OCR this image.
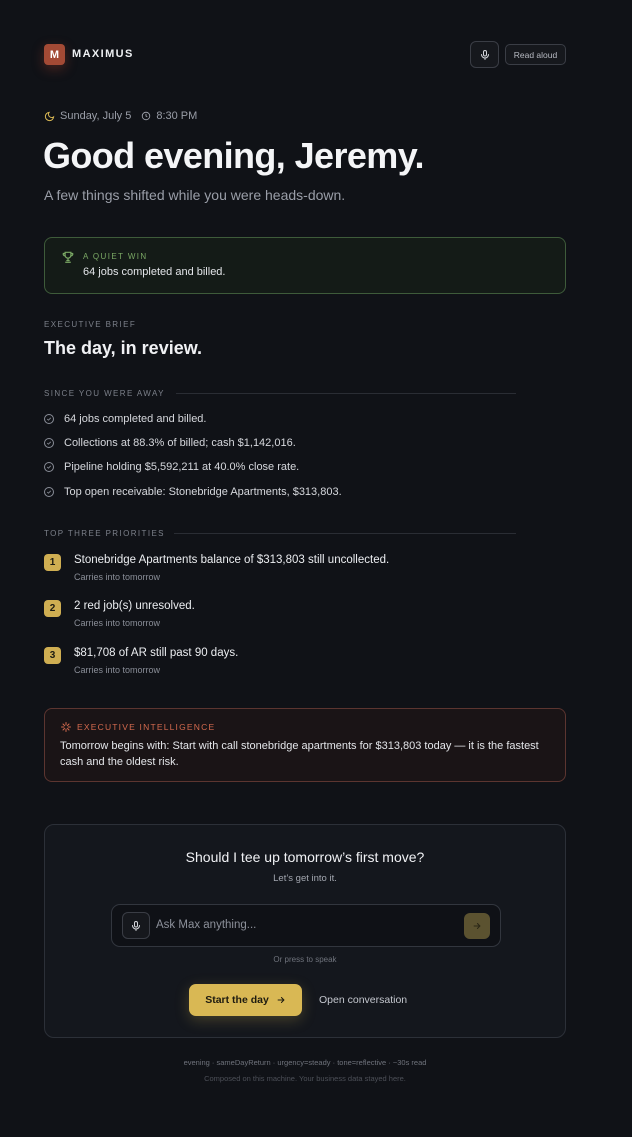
M	MAXIMUS	Read aloud
Sunday, July 5 8:30 PM
Good evening, Jeremy.
A few things shifted while you were heads-down.
A QUIET WIN
64 jobs completed and billed.
EXECUTIVE BRIEF
The day, in review.
SINCE YOU WERE AWAY
64 jobs completed and billed.
Collections at 88.3% of billed; cash $1,142,016.
Pipeline holding $5,592,211 at 40.0% close rate.
Top open receivable: Stonebridge Apartments, $313,803.
TOP THREE PRIORITIES
1	Stonebridge Apartments balance of $313,803 still uncollected.
Carries into tomorrow
2	2 red job(s) unresolved.
Carries into tomorrow
3	$81,708 of AR still past 90 days.
Carries into tomorrow
EXECUTIVE INTELLIGENCE
Tomorrow begins with: Start with call stonebridge apartments for $313,803 today — it is the fastest cash and the oldest risk.
Should I tee up tomorrow’s first move?
Let’s get into it.
Ask Max anything...
Or press to speak
Start the day	Open conversation
evening · sameDayReturn · urgency=steady · tone=reflective · ~30s read
Composed on this machine. Your business data stayed here.
